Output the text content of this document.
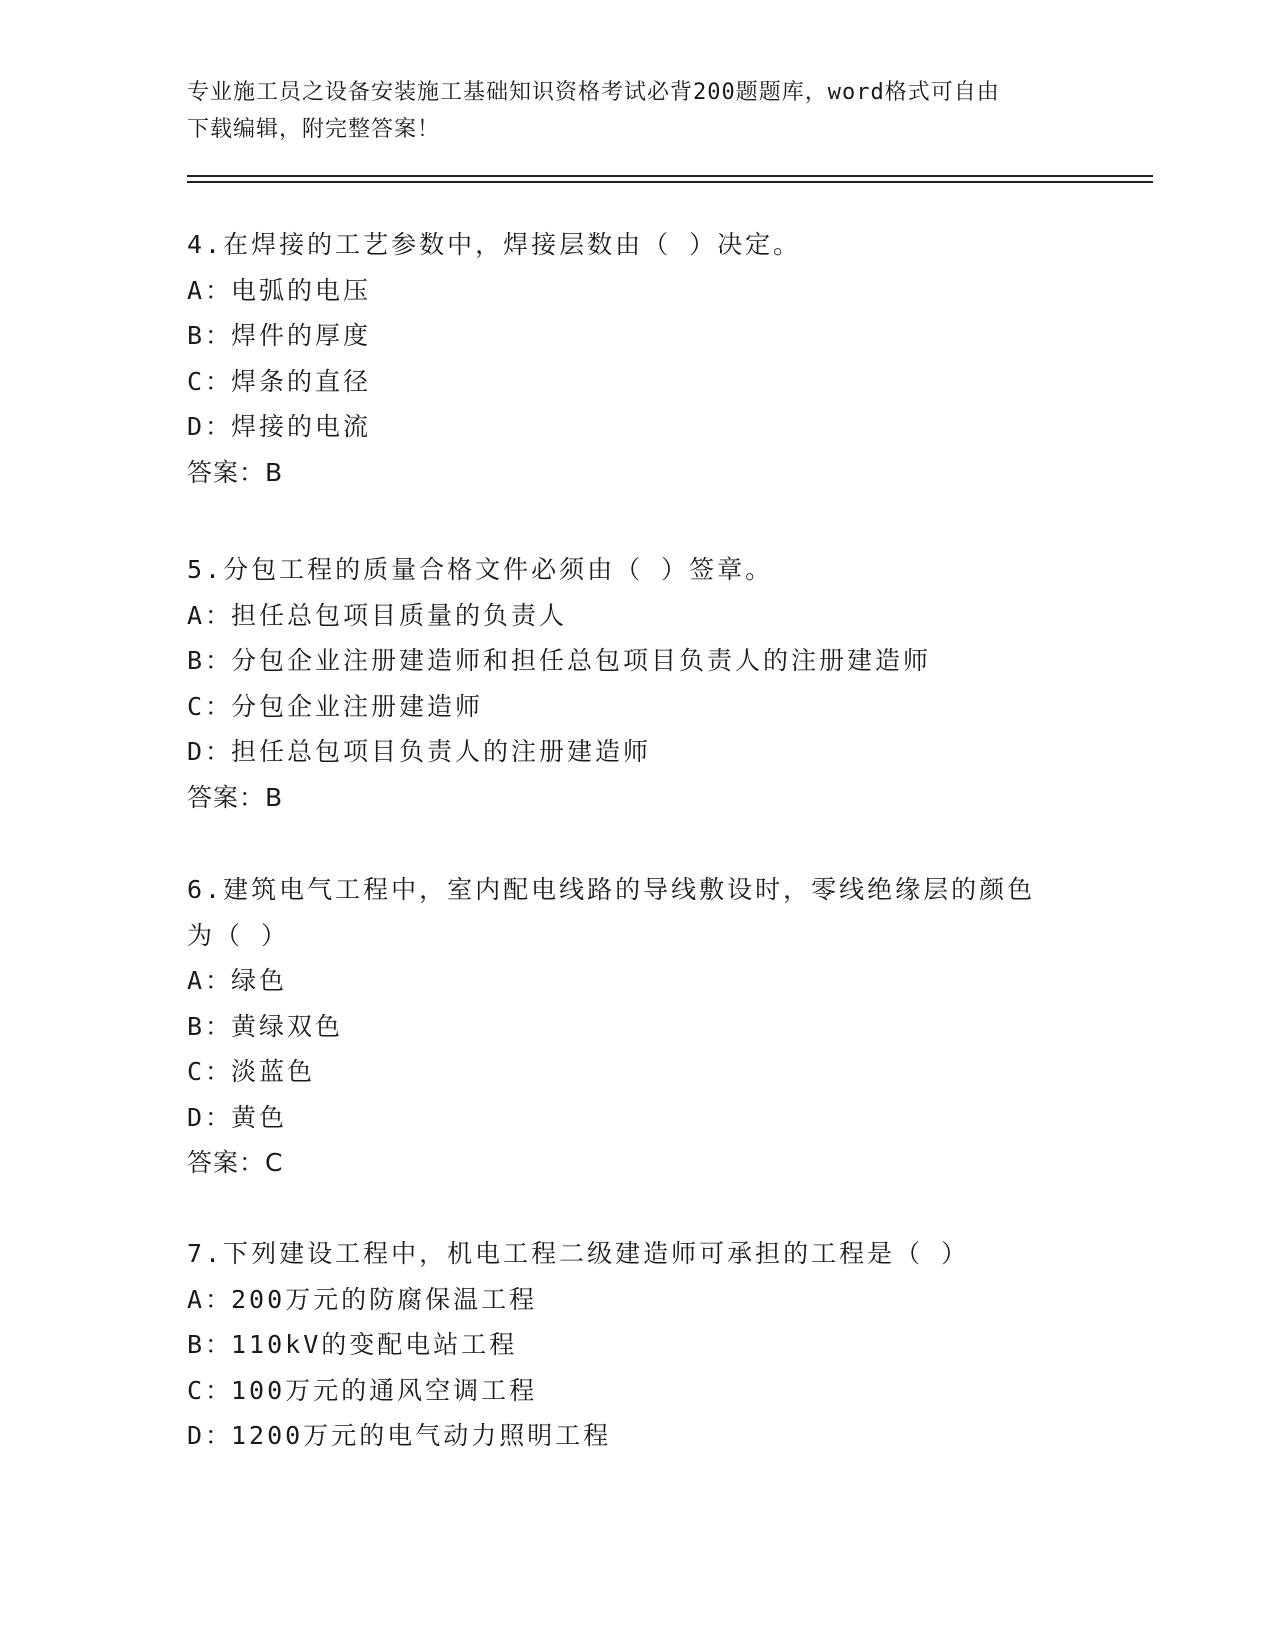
专业施工员之设备安装施工基础知识资格考试必背200题题库，word格式可自由
下载编辑，附完整答案！
4.在焊接的工艺参数中，焊接层数由（ ）决定。
A：电弧的电压
B：焊件的厚度
C：焊条的直径
D：焊接的电流
答案：B
5.分包工程的质量合格文件必须由（ ）签章。
A：担任总包项目质量的负责人
B：分包企业注册建造师和担任总包项目负责人的注册建造师
C：分包企业注册建造师
D：担任总包项目负责人的注册建造师
答案：B
6.建筑电气工程中，室内配电线路的导线敷设时，零线绝缘层的颜色
为（ ）
A：绿色
B：黄绿双色
C：淡蓝色
D：黄色
答案：C
7.下列建设工程中，机电工程二级建造师可承担的工程是（ ）
A：200万元的防腐保温工程
B：110kV的变配电站工程
C：100万元的通风空调工程
D：1200万元的电气动力照明工程
